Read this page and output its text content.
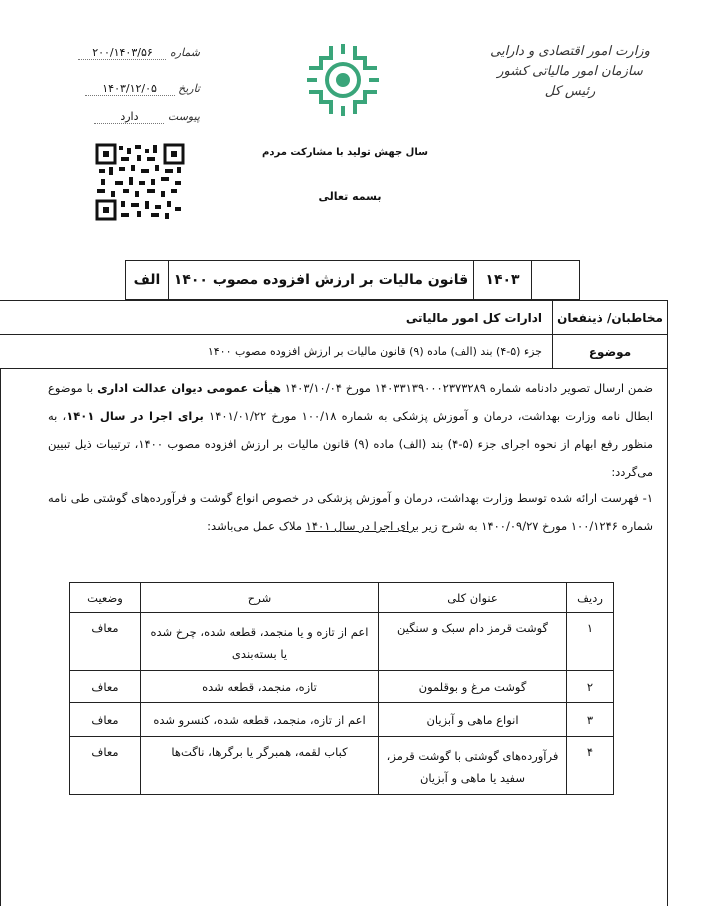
شماره ۲۰۰/۱۴۰۳/۵۶
تاریخ ۱۴۰۳/۱۲/۰۵
پیوست دارد
وزارت امور اقتصادی و دارایی
سازمان امور مالیاتی کشور
رئیس کل
سال جهش تولید با مشارکت مردم
بسمه تعالی
	۱۴۰۳	قانون مالیات بر ارزش افزوده مصوب ۱۴۰۰	الف
مخاطبان/ ذینفعان	ادارات کل امور مالیاتی
موضوع	جزء (۵-۴) بند (الف) ماده (۹) قانون مالیات بر ارزش افزوده مصوب ۱۴۰۰
ضمن ارسال تصویر دادنامه شماره ۱۴۰۳۳۱۳۹۰۰۰۲۳۷۳۲۸۹ مورخ ۱۴۰۳/۱۰/۰۴ هیأت عمومی دیوان عدالت اداری با موضوع ابطال نامه وزارت بهداشت، درمان و آموزش پزشکی به شماره ۱۰۰/۱۸ مورخ ۱۴۰۱/۰۱/۲۲ برای اجرا در سال ۱۴۰۱، به منظور رفع ابهام از نحوه اجرای جزء (۵-۴) بند (الف) ماده (۹) قانون مالیات بر ارزش افزوده مصوب ۱۴۰۰، ترتیبات ذیل تبیین می‌گردد:
۱- فهرست ارائه شده توسط وزارت بهداشت، درمان و آموزش پزشکی در خصوص انواع گوشت و فرآورده‌های گوشتی طی نامه شماره ۱۰۰/۱۲۴۶ مورخ ۱۴۰۰/۰۹/۲۷ به شرح زیر برای اجرا در سال ۱۴۰۱ ملاک عمل می‌باشد:
ردیف	عنوان کلی	شرح	وضعیت
۱	گوشت قرمز دام سبک و سنگین	اعم از تازه و یا منجمد، قطعه شده، چرخ شده یا بسته‌بندی	معاف
۲	گوشت مرغ و بوقلمون	تازه، منجمد، قطعه شده	معاف
۳	انواع ماهی و آبزیان	اعم از تازه، منجمد، قطعه شده، کنسرو شده	معاف
۴	فرآورده‌های گوشتی با گوشت قرمز، سفید یا ماهی و آبزیان	کباب لقمه، همبرگر یا برگرها، ناگت‌ها	معاف
